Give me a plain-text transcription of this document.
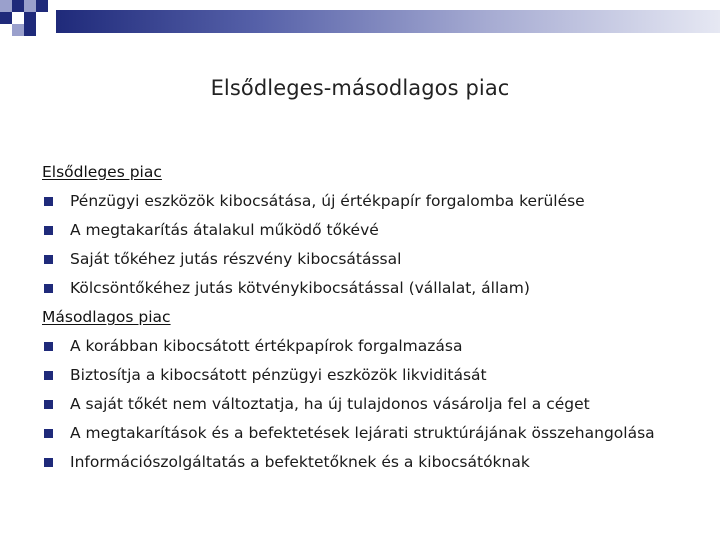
Elsődleges-másodlagos piac
Elsődleges piac
Pénzügyi eszközök kibocsátása, új értékpapír forgalomba kerülése
A megtakarítás átalakul működő tőkévé
Saját tőkéhez jutás részvény kibocsátással
Kölcsöntőkéhez jutás kötvénykibocsátással (vállalat, állam)
Másodlagos piac
A korábban kibocsátott értékpapírok forgalmazása
Biztosítja a kibocsátott pénzügyi eszközök likviditását
A saját tőkét nem változtatja, ha új tulajdonos vásárolja fel a céget
A megtakarítások és a befektetések lejárati struktúrájának összehangolása
Információszolgáltatás a befektetőknek és a kibocsátóknak
